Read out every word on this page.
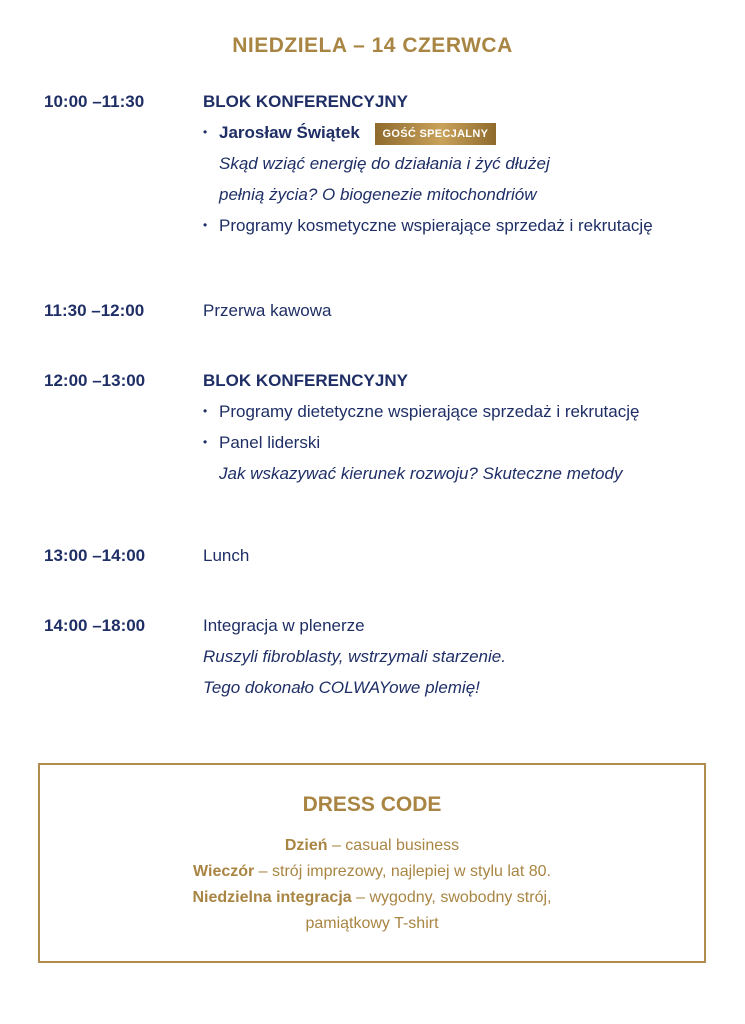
NIEDZIELA – 14 CZERWCA
10:00 –11:30	BLOK KONFERENCYJNY
• Jarosław Świątek GOŚĆ SPECJALNY
Skąd wziąć energię do działania i żyć dłużej
pełnią życia? O biogenezie mitochondriów
• Programy kosmetyczne wspierające sprzedaż i rekrutację
11:30 –12:00	Przerwa kawowa
12:00 –13:00	BLOK KONFERENCYJNY
• Programy dietetyczne wspierające sprzedaż i rekrutację
• Panel liderski
Jak wskazywać kierunek rozwoju? Skuteczne metody
13:00 –14:00	Lunch
14:00 –18:00	Integracja w plenerze
Ruszyli fibroblasty, wstrzymali starzenie.
Tego dokonało COLWAYowe plemię!
DRESS CODE
Dzień – casual business
Wieczór – strój imprezowy, najlepiej w stylu lat 80.
Niedzielna integracja – wygodny, swobodny strój,
pamiątkowy T-shirt
